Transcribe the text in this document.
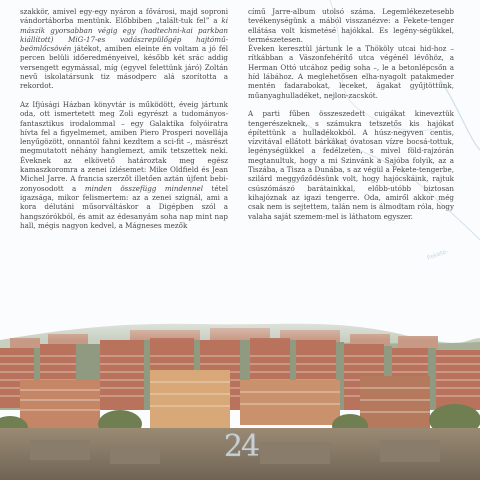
Fekete-

szakkör, amivel egy-egy nyáron a fővárosi, majd soproni vándortáborba mentünk. Előbbiben „talált-tuk fel” a ki mászik gyorsabban végig egy (hadtechni-kai parkban kiállított) MiG-17-es vadászrepülőgép hajtómű-beömlőcsövén játékot, amiben eleinte én voltam a jó fél percen belüli időeredményeivel, később két srác addig versengett egymással, míg (egyvel felettünk járó) Zoltán nevű iskolatársunk tiz másodperc alá szorította a rekordot.

Az Ifjúsági Házban könyvtár is működött, éveig jártunk oda, ott ismertetett meg Zoli egyrészt a tudományos-fantasztikus irodalommal – egy Galaktika folyóiratra hívta fel a figyelmemet, amiben Piero Prosperi novellája lenyűgözött, onnantól fahni kezdtem a sci-fit –, másrészt megmutatott néhány hanglemezt, amik tetszettek neki. Éveknek az elkövető határoztak meg egész kamaszkoromra a zenei ízlésemet: Mike Oldfield és Jean Michel Jarre. A francia szerzőt illetően aztán újfent bebi-zonyosodott a minden összefügg mindennel tétel igazsága, mikor felismertem: az a zenei szignál, ami a kora délutáni műsorváltáskor a Digépben szól a hangszórókból, és amit az édesanyám soha nap mint nap hall, mégis nagyon kedvel, a Mágneses mezők

című Jarre-album utolsó száma. Legemlékezetesebb tevékenységünk a mából visszanézve: a Fekete-tenger ellátása volt kísmetésé hajókkal. Es legény-ségükkel, természetesen.

Éveken keresztül jártunk le a Thököly utcai hid-hoz – rítkábban a Vászonfehérítő utca végénél lévőhöz, a Herman Ottó utcához pedig soha –, le a betonlépcsőn a híd lábához. A meglehetősen elha-nyagolt patakmeder mentén fadarabokat, leceket, ágakat gyűjtöttünk, műanyaghulladéket, nejlon-zacskót.

A parti fűben összeszedett cuigákat kineveztük tengerészeknek, s számukra tetszetős kis hajókat építettünk a hulladékokból. A húsz-negyven centis, vízvitával ellátott bárkákat óvatosan vízre bocsá-tottuk, legénységükkel a fedélzeten, s mivel föld-rajzórán megtanultuk, hogy a mi Szinvánk a Sajóba folyik, az a Tiszába, a Tisza a Dunába, s az végül a Fekete-tengerbe, szilárd meggyőződésünk volt, hogy hajócskáink, rajtuk csúszómászó barátainkkal, előbb-utóbb biztosan kihajóznak az igazi tengerre. Oda, amiről akkor még csak nem is sejtettem, talán nem is álmodtam róla, hogy valaha saját szemem-mel is láthatom egyszer.

24
